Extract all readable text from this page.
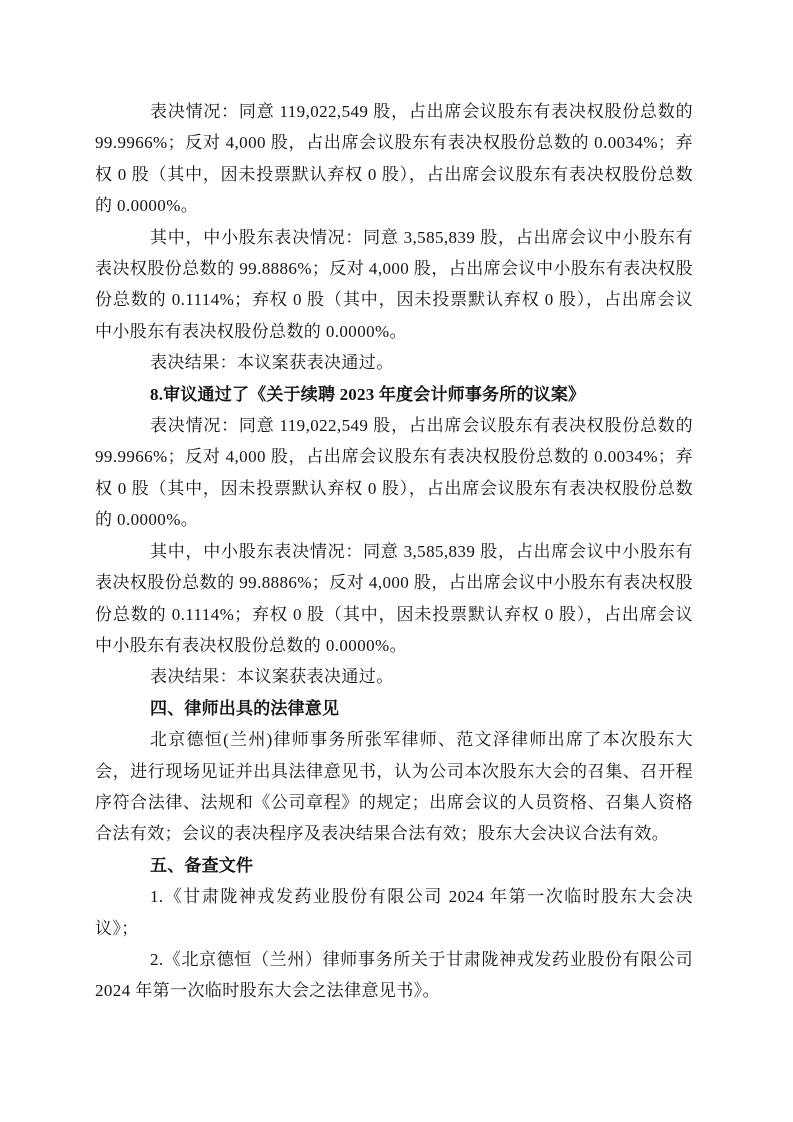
表决情况：同意 119,022,549 股，占出席会议股东有表决权股份总数的 99.9966%；反对 4,000 股，占出席会议股东有表决权股份总数的 0.0034%；弃权 0 股（其中，因未投票默认弃权 0 股），占出席会议股东有表决权股份总数的 0.0000%。

其中，中小股东表决情况：同意 3,585,839 股，占出席会议中小股东有表决权股份总数的 99.8886%；反对 4,000 股，占出席会议中小股东有表决权股份总数的 0.1114%；弃权 0 股（其中，因未投票默认弃权 0 股），占出席会议中小股东有表决权股份总数的 0.0000%。

表决结果：本议案获表决通过。

8.审议通过了《关于续聘 2023 年度会计师事务所的议案》

表决情况：同意 119,022,549 股，占出席会议股东有表决权股份总数的 99.9966%；反对 4,000 股，占出席会议股东有表决权股份总数的 0.0034%；弃权 0 股（其中，因未投票默认弃权 0 股），占出席会议股东有表决权股份总数的 0.0000%。

其中，中小股东表决情况：同意 3,585,839 股，占出席会议中小股东有表决权股份总数的 99.8886%；反对 4,000 股，占出席会议中小股东有表决权股份总数的 0.1114%；弃权 0 股（其中，因未投票默认弃权 0 股），占出席会议中小股东有表决权股份总数的 0.0000%。

表决结果：本议案获表决通过。

四、律师出具的法律意见

北京德恒(兰州)律师事务所张军律师、范文泽律师出席了本次股东大会，进行现场见证并出具法律意见书，认为公司本次股东大会的召集、召开程序符合法律、法规和《公司章程》的规定；出席会议的人员资格、召集人资格合法有效；会议的表决程序及表决结果合法有效；股东大会决议合法有效。

五、备查文件

1.《甘肃陇神戎发药业股份有限公司 2024 年第一次临时股东大会决议》；

2.《北京德恒（兰州）律师事务所关于甘肃陇神戎发药业股份有限公司 2024 年第一次临时股东大会之法律意见书》。
